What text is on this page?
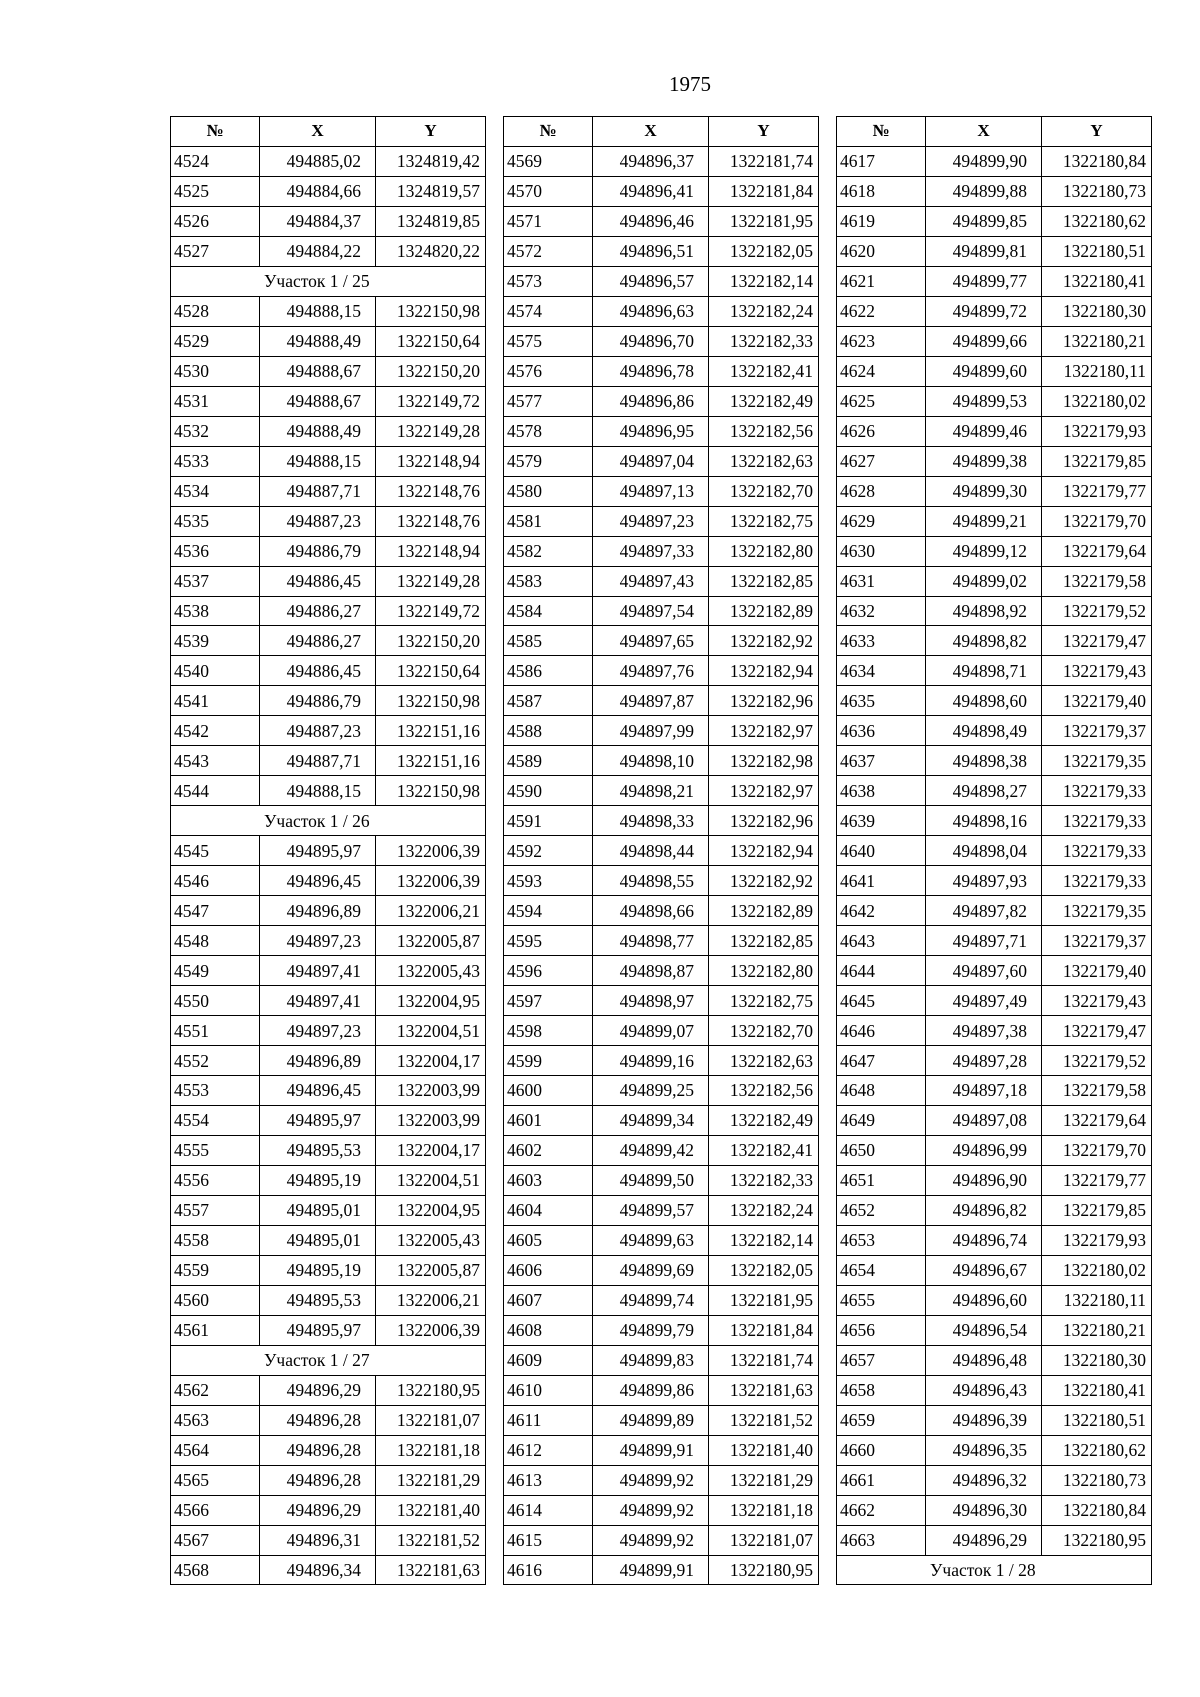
1975
№	X	Y
4524	494885,02	1324819,42
4525	494884,66	1324819,57
4526	494884,37	1324819,85
4527	494884,22	1324820,22
Участок 1 / 25		
4528	494888,15	1322150,98
4529	494888,49	1322150,64
4530	494888,67	1322150,20
4531	494888,67	1322149,72
4532	494888,49	1322149,28
4533	494888,15	1322148,94
4534	494887,71	1322148,76
4535	494887,23	1322148,76
4536	494886,79	1322148,94
4537	494886,45	1322149,28
4538	494886,27	1322149,72
4539	494886,27	1322150,20
4540	494886,45	1322150,64
4541	494886,79	1322150,98
4542	494887,23	1322151,16
4543	494887,71	1322151,16
4544	494888,15	1322150,98
Участок 1 / 26		
4545	494895,97	1322006,39
4546	494896,45	1322006,39
4547	494896,89	1322006,21
4548	494897,23	1322005,87
4549	494897,41	1322005,43
4550	494897,41	1322004,95
4551	494897,23	1322004,51
4552	494896,89	1322004,17
4553	494896,45	1322003,99
4554	494895,97	1322003,99
4555	494895,53	1322004,17
4556	494895,19	1322004,51
4557	494895,01	1322004,95
4558	494895,01	1322005,43
4559	494895,19	1322005,87
4560	494895,53	1322006,21
4561	494895,97	1322006,39
Участок 1 / 27		
4562	494896,29	1322180,95
4563	494896,28	1322181,07
4564	494896,28	1322181,18
4565	494896,28	1322181,29
4566	494896,29	1322181,40
4567	494896,31	1322181,52
4568	494896,34	1322181,63
№	X	Y
4569	494896,37	1322181,74
4570	494896,41	1322181,84
4571	494896,46	1322181,95
4572	494896,51	1322182,05
4573	494896,57	1322182,14
4574	494896,63	1322182,24
4575	494896,70	1322182,33
4576	494896,78	1322182,41
4577	494896,86	1322182,49
4578	494896,95	1322182,56
4579	494897,04	1322182,63
4580	494897,13	1322182,70
4581	494897,23	1322182,75
4582	494897,33	1322182,80
4583	494897,43	1322182,85
4584	494897,54	1322182,89
4585	494897,65	1322182,92
4586	494897,76	1322182,94
4587	494897,87	1322182,96
4588	494897,99	1322182,97
4589	494898,10	1322182,98
4590	494898,21	1322182,97
4591	494898,33	1322182,96
4592	494898,44	1322182,94
4593	494898,55	1322182,92
4594	494898,66	1322182,89
4595	494898,77	1322182,85
4596	494898,87	1322182,80
4597	494898,97	1322182,75
4598	494899,07	1322182,70
4599	494899,16	1322182,63
4600	494899,25	1322182,56
4601	494899,34	1322182,49
4602	494899,42	1322182,41
4603	494899,50	1322182,33
4604	494899,57	1322182,24
4605	494899,63	1322182,14
4606	494899,69	1322182,05
4607	494899,74	1322181,95
4608	494899,79	1322181,84
4609	494899,83	1322181,74
4610	494899,86	1322181,63
4611	494899,89	1322181,52
4612	494899,91	1322181,40
4613	494899,92	1322181,29
4614	494899,92	1322181,18
4615	494899,92	1322181,07
4616	494899,91	1322180,95
№	X	Y
4617	494899,90	1322180,84
4618	494899,88	1322180,73
4619	494899,85	1322180,62
4620	494899,81	1322180,51
4621	494899,77	1322180,41
4622	494899,72	1322180,30
4623	494899,66	1322180,21
4624	494899,60	1322180,11
4625	494899,53	1322180,02
4626	494899,46	1322179,93
4627	494899,38	1322179,85
4628	494899,30	1322179,77
4629	494899,21	1322179,70
4630	494899,12	1322179,64
4631	494899,02	1322179,58
4632	494898,92	1322179,52
4633	494898,82	1322179,47
4634	494898,71	1322179,43
4635	494898,60	1322179,40
4636	494898,49	1322179,37
4637	494898,38	1322179,35
4638	494898,27	1322179,33
4639	494898,16	1322179,33
4640	494898,04	1322179,33
4641	494897,93	1322179,33
4642	494897,82	1322179,35
4643	494897,71	1322179,37
4644	494897,60	1322179,40
4645	494897,49	1322179,43
4646	494897,38	1322179,47
4647	494897,28	1322179,52
4648	494897,18	1322179,58
4649	494897,08	1322179,64
4650	494896,99	1322179,70
4651	494896,90	1322179,77
4652	494896,82	1322179,85
4653	494896,74	1322179,93
4654	494896,67	1322180,02
4655	494896,60	1322180,11
4656	494896,54	1322180,21
4657	494896,48	1322180,30
4658	494896,43	1322180,41
4659	494896,39	1322180,51
4660	494896,35	1322180,62
4661	494896,32	1322180,73
4662	494896,30	1322180,84
4663	494896,29	1322180,95
Участок 1 / 28		
